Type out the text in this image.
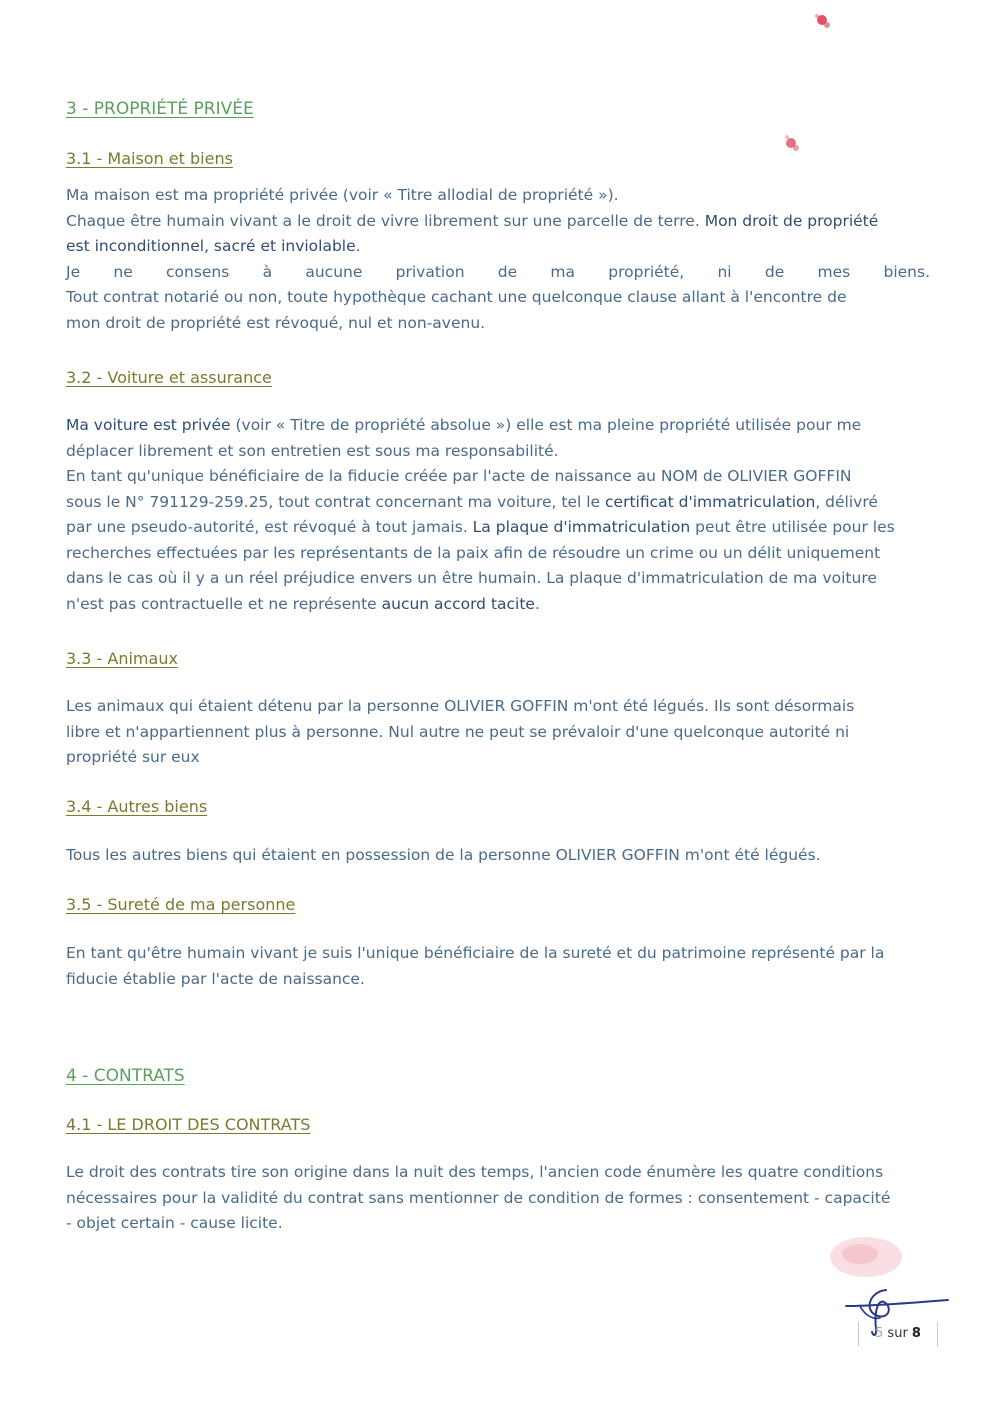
3 - PROPRIÉTÉ PRIVÉE
3.1 - Maison et biens
Ma maison est ma propriété privée (voir « Titre allodial de propriété »).
Chaque être humain vivant a le droit de vivre librement sur une parcelle de terre. Mon droit de propriété
est inconditionnel, sacré et inviolable.
Je ne consens à aucune privation de ma propriété, ni de mes biens.
Tout contrat notarié ou non, toute hypothèque cachant une quelconque clause allant à l'encontre de
mon droit de propriété est révoqué, nul et non-avenu.
3.2 - Voiture et assurance
Ma voiture est privée (voir « Titre de propriété absolue ») elle est ma pleine propriété utilisée pour me
déplacer librement et son entretien est sous ma responsabilité.
En tant qu'unique bénéficiaire de la fiducie créée par l'acte de naissance au NOM de OLIVIER GOFFIN
sous le N° 791129-259.25, tout contrat concernant ma voiture, tel le certificat d'immatriculation, délivré
par une pseudo-autorité, est révoqué à tout jamais. La plaque d'immatriculation peut être utilisée pour les
recherches effectuées par les représentants de la paix afin de résoudre un crime ou un délit uniquement
dans le cas où il y a un réel préjudice envers un être humain. La plaque d'immatriculation de ma voiture
n'est pas contractuelle et ne représente aucun accord tacite.
3.3 - Animaux
Les animaux qui étaient détenu par la personne OLIVIER GOFFIN m'ont été légués. Ils sont désormais
libre et n'appartiennent plus à personne. Nul autre ne peut se prévaloir d'une quelconque autorité ni
propriété sur eux
3.4 - Autres biens
Tous les autres biens qui étaient en possession de la personne OLIVIER GOFFIN m'ont été légués.
3.5 - Sureté de ma personne
En tant qu'être humain vivant je suis l'unique bénéficiaire de la sureté et du patrimoine représenté par la
fiducie établie par l'acte de naissance.
4 - CONTRATS
4.1 - LE DROIT DES CONTRATS
Le droit des contrats tire son origine dans la nuit des temps, l'ancien code énumère les quatre conditions
nécessaires pour la validité du contrat sans mentionner de condition de formes : consentement - capacité
- objet certain - cause licite.
5 sur 8
